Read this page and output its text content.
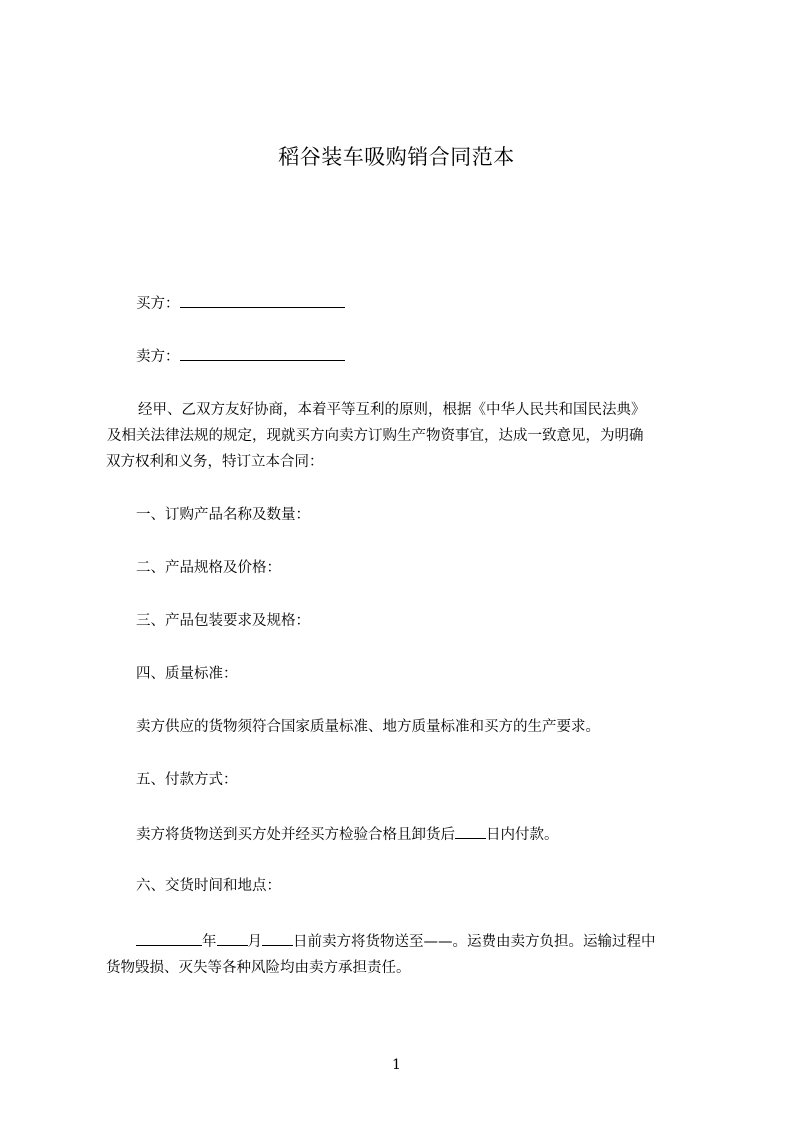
稻谷装车吸购销合同范本
买方：
卖方：
经甲、乙双方友好协商，本着平等互利的原则，根据《中华人民共和国民法典》
及相关法律法规的规定，现就买方向卖方订购生产物资事宜，达成一致意见，为明确
双方权利和义务，特订立本合同：
一、订购产品名称及数量：
二、产品规格及价格：
三、产品包装要求及规格：
四、质量标准：
卖方供应的货物须符合国家质量标准、地方质量标准和买方的生产要求。
五、付款方式：
卖方将货物送到买方处并经买方检验合格且卸货后 日内付款。
六、交货时间和地点：
年 月 日前卖方将货物送至——。运费由卖方负担。运输过程中
货物毁损、灭失等各种风险均由卖方承担责任。
1
